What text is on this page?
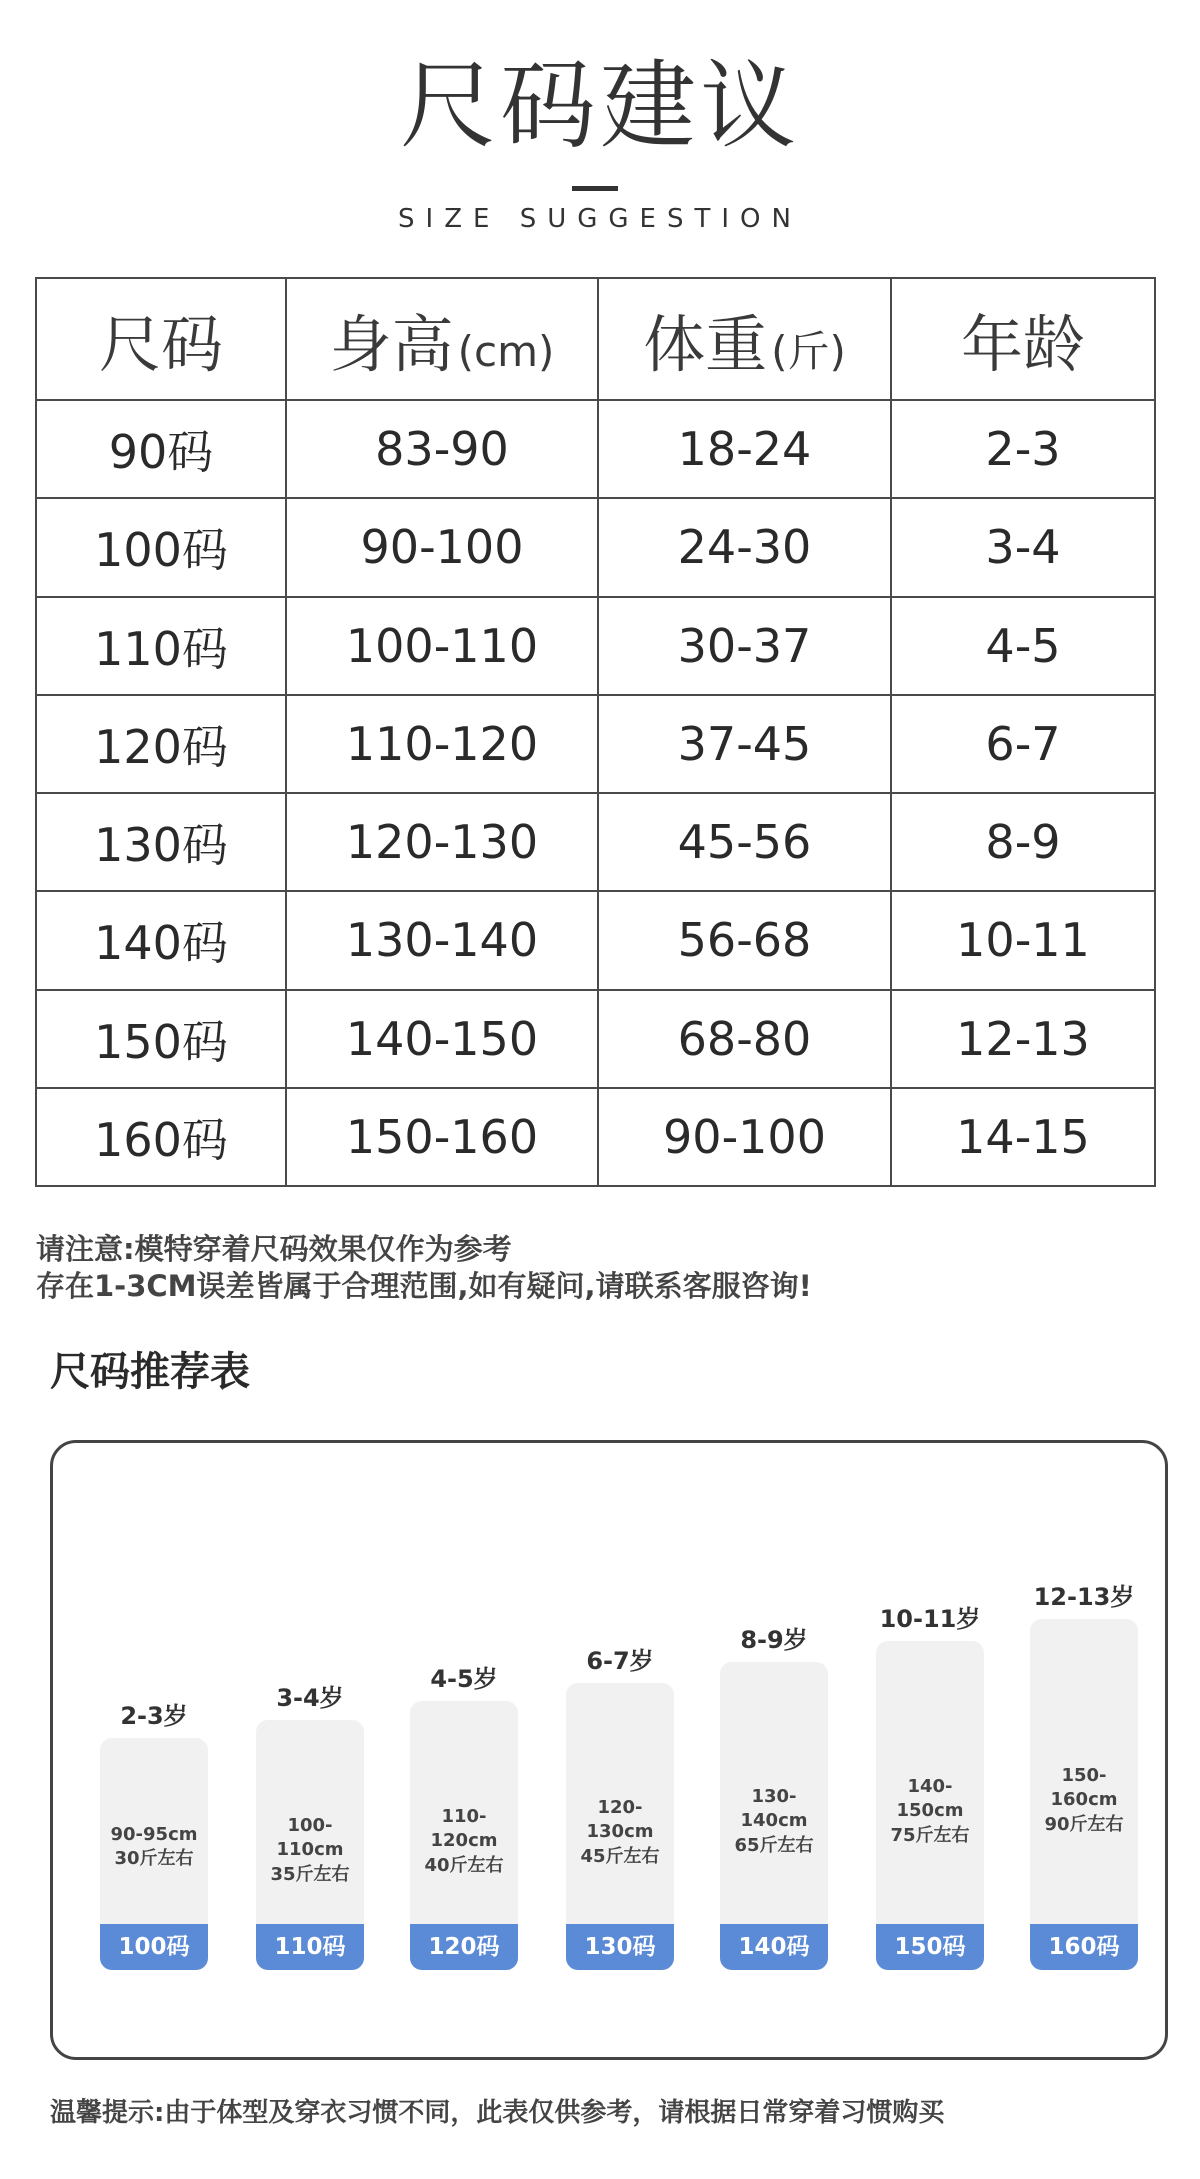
尺码建议
SIZE SUGGESTION
尺码	身高(cm)	体重(斤)	年龄
90码	83-90	18-24	2-3
100码	90-100	24-30	3-4
110码	100-110	30-37	4-5
120码	110-120	37-45	6-7
130码	120-130	45-56	8-9
140码	130-140	56-68	10-11
150码	140-150	68-80	12-13
160码	150-160	90-100	14-15
请注意:模特穿着尺码效果仅作为参考
存在1-3CM误差皆属于合理范围,如有疑问,请联系客服咨询!
尺码推荐表
2-3岁
90-95cm
30斤左右
100码
3-4岁
100-110cm
35斤左右
110码
4-5岁
110-120cm
40斤左右
120码
6-7岁
120-130cm
45斤左右
130码
8-9岁
130-140cm
65斤左右
140码
10-11岁
140-150cm
75斤左右
150码
12-13岁
150-160cm
90斤左右
160码
温馨提示:由于体型及穿衣习惯不同，此表仅供参考，请根据日常穿着习惯购买
